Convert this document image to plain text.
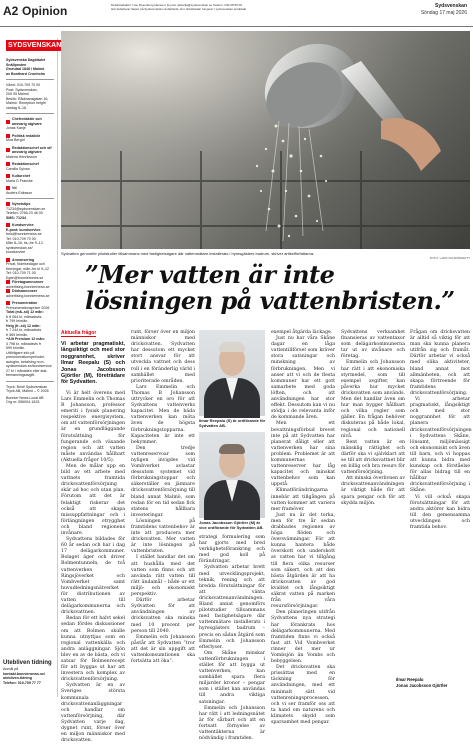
A2 Opinion	Debattredaktör: Lise Rosenberg Hansen | E-post: aktuella@sydsvenskan.se Telefon: 040-28 50 00
Här debatterar läsare på Sydsvenskans debattsida. Hur debattsidan fungerar | sydsvenskan.se/debatt	Sydsvenskan
Söndag 17 maj 2026
SYDSVENSKAN
Sydsvenska Dagbladet
Snällposten
Grundad 1848 i Malmö
av Bonthard Cronholm
Växel: 010-709 70 00
Post: Sydsvenskan,
205 05 Malmö
Besök: Rådmansgatan 16,
Malmö. Reception helgfri
vardag 8–16.
Chefredaktör och ansvarig utgivare
Jonas Kanje
Politisk redaktör
Moa Bergöf
Redaktionschef och stf ansvarig utgivare
Malena Henriksson
Redaktionschef
Camilla Sylvan
Kulturchef
Maria G Francke
Vd
Anders Eriksson
Nyhetstips
71234@sydsvenskan.se
Telefon: 0766-23 46 00
SMS: 71234
Kundservice
E-post: kundservice.
bnlo@bonniernews.se
Tel: 010-709 70 00
Mån 8–16, tis–fre 9–13
sydsvenskan.se/
kundservice
Annonsering
Privat, födelsedagar och
förrningar, mån–fre kl 9–12
Tel: 010-709 71 00
Egen@bonniernews.se
Företagsannonser
advertising.bonniernews.se
Dödsannonser
advertising.bonniernews.se
Prenumeration
Prenumerationspriser 2026
Total (må–sö) 12 mån:
fr 8 064 kr, månadsvis:
fr 799 kr/mån.
Helg (fr–sö) 12 mån:
fr 7 244 kr, månadsvis
fr 569 kr/mån.
+Allt Premium 12 mån:
4 798 kr, månadsvis fr
599 kr/mån.
Utförligare info på
prenumerationsperioder,
autogiro, betalning m.m.
sydsvenskan.se/kundservice
27 kr i månaden eller stat-
bemanningsavgift.
Tryck: Bold/ Sydsvenskan
Tryck AB, Malmö – © 2026
Bonnier News Local AB
Org.nr: 556004-1815
Utebliven tidning
Anmäl på
kontakt.bonniernews.se/
utebliven-tidning
Telefon: 010-709 77 77
Sydvatten genomför pilotstudier tillsammans med fastighetsägare där vattenmätare installerats i hyresgästers badrum, skriver artikelförfattarna.
FOTO: LARS SCHRÖDER/TT
”Mer vatten är inte lösningen på vattenbristen.”
Aktuella frågor

Vi arbetar pragmatiskt, långsiktigt och med stor noggrannhet, skriver Ilmar Reepalu (S) och Jonas Jacobsson Gjörtler (M), företrädare för Sydvatten.

Vi är helt överens med Lars Emmelin och Thomas B Johansson, professor emeriti i fysisk planering respektive energisystem, om att vattenförsörjningen är en grundläggande förutsättning för fungerande och växande region och att vatten måste användas hållbart (Aktuella frågor 10/5).

Men de målar upp en bild av ett arbete med vattnets framtida dricksvattenförsörjning skär ad hoc och utan plan. Förutom att det är felaktigt riskerar det också att skapa missuppfattningar och i förlängningen otrygghet och bland regionens invånare.

Sydvattens bildades för 60 år sedan och har i dag 17 delägarkommuner. Bolaget äger och driver Bolmentunneln, de två vattenverken Ringsjöverket och Vombverket samt huvudledningsnätverket för distributionen av vatten till delägarkommunerna och dricksvattnen.

Redan för ett halvt sekel sedan fördes diskussioner om att Bolmen skulle kunna utnyttjas som en regional vattenkälla och andra anläggningar. Sjön blev en av de bästa, och vi satsar för Bolmenrecept för att byggas ut har att investera och komplex av dricksvattenförsörjning.

Sydvatten är en av Sveriges största kommunala dricksvattenanläggningar och handlar om vattenförsörjning, där Sydvatten varje dag, dygnet runt, förser över en miljon människor med dricksvatten.

runt, förser över en miljon människor med dricksvatten. Sydvatten har dessutom ett mycket stort ansvar för att utveckla vattnet och dess roll i en föränderlig värld i samhället med prioriterade områden.

Lars Emmelin och Thomas B Johansson uttrycker en oro för att Sydvattens vattenverks kapacitet. Men de bäda vattenverken kan möta även de högsta förbrukningstopparna. Kapaciteten är inte ett bekymmer.

Den tredje vattenreservoar som nyligen invigdes vid Vombverket avlastar dessutom systemet vid förbrukningstoppar och säkerställer en jämnare dricksvattenförsörjning till bland annat Malmö, som redan för en tid sedan fick statens hållbara investeringar.

Lösningen på framtidens vattenbehov är inte att producera mer dricksvatten. Mer vatten är inte lösningen på vattenbristen.

I stället handlar det om att hushålla med det vatten som finns och att använda rätt vatten till rätt ändamål – både ur ett miljö- och ekonomiskt perspektiv.

Därför arbetar Sydvatten för att användningen av dricksvatten ska minska med 10 procent per person till 2040.

Emmelin och Johansson påstår att Sydvatten ”tror att det är sin uppgift att vattenkonsumtionen ska fortsätta att öka”.

Ilmar Reepalu (S) är ordförande för Sydvatten AB.
Jonas Jacobsson Gjörtler (M) är vice ordförande för Sydvatten AB.

strategi formulering som har gjorts med bred verklighetsförankring och med god koll på förändringar.

Sydvatten arbetar brett med utvecklingsprojekt, teknik, rening och att bredda förutsättningar för att vänta dricksvattenanvändningen. Bland annat genomförs pilotstudier tillsammans med fastighetsägare där vattenmätare installerats i hyresgästers badrum – precis en sådan åtgärd som Emmelin och Johansson efterlyser.

Om Skåne minskar vattenförbrukningen i stället för att bygga ut vattenverken, kan samhället spara flera miljarder kronor – pengar som i stället kan användas till andra viktiga satsningar.

Emmelin och Johansson har rätt i att ledningsnätet är för sårbart och att en fortsatt förnyelse av vattentäkterna är nödvändig i framtiden.

exempel åtgärda läckage.

Just nu har våra Skåne dagar en låga vattentillförsel som kräver stora satsningar och minskning av förbrukningen. Men vi anser att vi och de flesta kommuner har ett gott samarbete med goda löften, och att användningen har stor effekt. Dessutom kan vi nu stödja i de relevanta inför de kommande åren.

Men ett bevattningsförbud brevet inte på att Sydvatten har planerat dåligt eller att vattenverken har sina problem. Problemet är att kommunernas vattenreserver har låg kapacitet och minskat vattenbehov som kan uppstå.

Klimatförändringarna innebär att tillgången på vatten kommer att variera mer framöver.

Just nu är det torka, men för tre år sedan drabbades regionen av höga flöden och översvämningar. För att kunna hantera både överskott och underskott av vatten har vi tillgång till flera olika resurser som säkert, och att den bästa åtgärden är att ha dricksvatten av god kvalitet och långsiktigt säkrat vatten på marken från våra resursförsörjningar.

Den planeringen utifrån Sydvattens nya strategi har förankrats hos delägarkommunerna. Med framtiden finns vi också fast att Vid Vombverket rinner det mer ur Vombsjön än Vombs och bebyggelsen.

Det dricksvatten ska prissättas med en täckning för användningen, med ett minimalt sätt vid vattenreningsprocessen, och vi ser framför oss att ta hand om naturens och klimatets skydd som sparsamhet med pengar.

Sydvattens verksamhet finansieras av vattentaxor som delägarkommunerna tar ut av invånare och företag.

Emmelin och Johansson har rätt i att ekonomiska styrmedel, som till exempel avgifter, kan påverka hur mycket dricksvatten som används. Men det handlar även om hur man bygger hållbart och vilka regler som gäller. En frågan behöver diskuteras på både lokal, regional och nationell nivå.

Bent vatten är en mänsklig rättighet och därför ska vi självklart att se till att dricksvattnet blir en billig och bra resurs för vattenförsörjning.

Att minska överlivnen av dricksvattenanvändningen är viktigt både för att spara pengar och för att skydda miljön.

Frågan om dricksvatten är alltid så viktig för att man ska kunna planera utifrån sig och framåt. Därför arbetar vi också med olika aktiviteter, bland annat mot allmänheten, och att skapa förtroende för framtidens dricksvattenförsörjning.

Vi arbetar pragmatiskt, långsiktigt och med stor noggrannhet för att planera dricksvattenförsörjningen i Sydvattens Skåne, lönsamt, miljömässigt och ekonomiskt och även till barn, och vi hoppas att kunna bidra med kunskap och förståelse för allas bidrag till en hållbar dricksvattenförsörjning i Skåne.

Vi vill också skapa förutsättningar för att andra aktörer kan bidra till den gemensamma utvecklingen och framtida behov.

Ilmar Reepalu
Jonas Jacobsson Gjörtler
